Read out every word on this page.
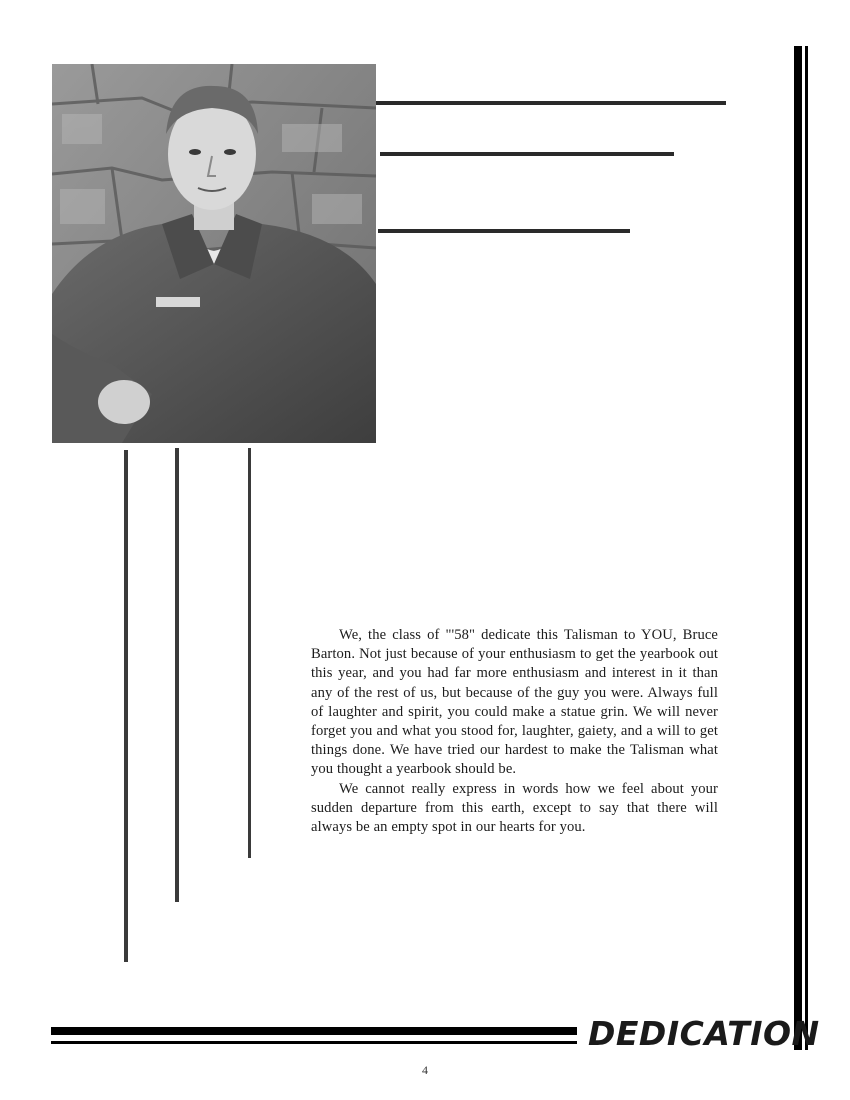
We, the class of "'58" dedicate this Talisman to YOU, Bruce Barton. Not just because of your enthusiasm to get the yearbook out this year, and you had far more enthusiasm and interest in it than any of the rest of us, but because of the guy you were. Always full of laughter and spirit, you could make a statue grin. We will never forget you and what you stood for, laughter, gaiety, and a will to get things done. We have tried our hardest to make the Talisman what you thought a yearbook should be.

We cannot really express in words how we feel about your sudden departure from this earth, except to say that there will always be an empty spot in our hearts for you.

DEDICATION
4
